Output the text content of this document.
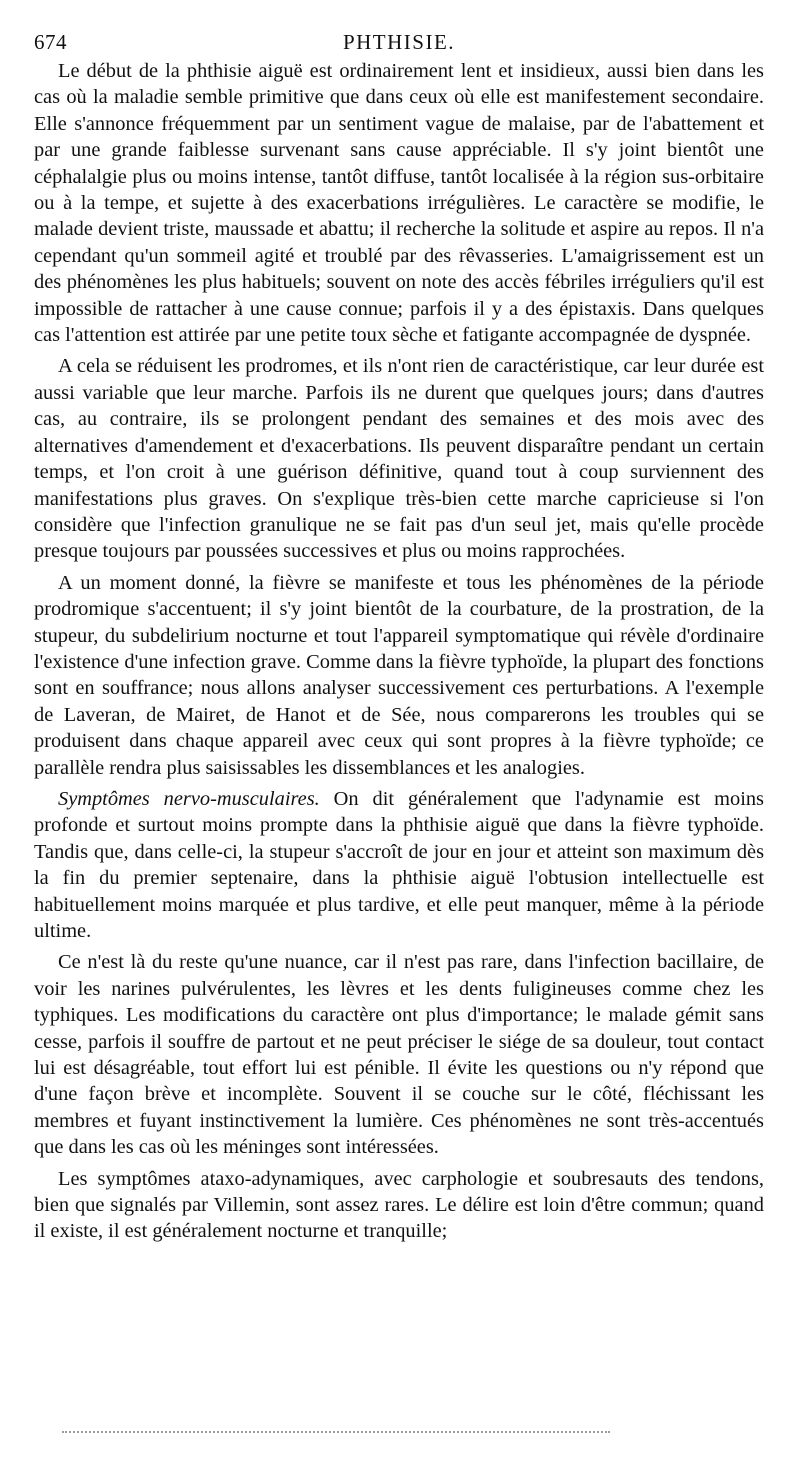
674	PHTHISIE.

Le début de la phthisie aiguë est ordinairement lent et insidieux, aussi bien dans les cas où la maladie semble primitive que dans ceux où elle est manifestement secondaire. Elle s'annonce fréquemment par un sentiment vague de malaise, par de l'abattement et par une grande faiblesse survenant sans cause appréciable. Il s'y joint bientôt une céphalalgie plus ou moins intense, tantôt diffuse, tantôt localisée à la région sus-orbitaire ou à la tempe, et sujette à des exacerbations irrégulières. Le caractère se modifie, le malade devient triste, maussade et abattu; il recherche la solitude et aspire au repos. Il n'a cependant qu'un sommeil agité et troublé par des rêvasseries. L'amaigrissement est un des phénomènes les plus habituels; souvent on note des accès fébriles irréguliers qu'il est impossible de rattacher à une cause connue; parfois il y a des épistaxis. Dans quelques cas l'attention est attirée par une petite toux sèche et fatigante accompagnée de dyspnée.

A cela se réduisent les prodromes, et ils n'ont rien de caractéristique, car leur durée est aussi variable que leur marche. Parfois ils ne durent que quelques jours; dans d'autres cas, au contraire, ils se prolongent pendant des semaines et des mois avec des alternatives d'amendement et d'exacerbations. Ils peuvent disparaître pendant un certain temps, et l'on croit à une guérison définitive, quand tout à coup surviennent des manifestations plus graves. On s'explique très-bien cette marche capricieuse si l'on considère que l'infection granulique ne se fait pas d'un seul jet, mais qu'elle procède presque toujours par poussées successives et plus ou moins rapprochées.

A un moment donné, la fièvre se manifeste et tous les phénomènes de la période prodromique s'accentuent; il s'y joint bientôt de la courbature, de la prostration, de la stupeur, du subdelirium nocturne et tout l'appareil symptomatique qui révèle d'ordinaire l'existence d'une infection grave. Comme dans la fièvre typhoïde, la plupart des fonctions sont en souffrance; nous allons analyser successivement ces perturbations. A l'exemple de Laveran, de Mairet, de Hanot et de Sée, nous comparerons les troubles qui se produisent dans chaque appareil avec ceux qui sont propres à la fièvre typhoïde; ce parallèle rendra plus saisissables les dissemblances et les analogies.

Symptômes nervo-musculaires. On dit généralement que l'adynamie est moins profonde et surtout moins prompte dans la phthisie aiguë que dans la fièvre typhoïde. Tandis que, dans celle-ci, la stupeur s'accroît de jour en jour et atteint son maximum dès la fin du premier septenaire, dans la phthisie aiguë l'obtusion intellectuelle est habituellement moins marquée et plus tardive, et elle peut manquer, même à la période ultime.

Ce n'est là du reste qu'une nuance, car il n'est pas rare, dans l'infection bacillaire, de voir les narines pulvérulentes, les lèvres et les dents fuligineuses comme chez les typhiques. Les modifications du caractère ont plus d'importance; le malade gémit sans cesse, parfois il souffre de partout et ne peut préciser le siége de sa douleur, tout contact lui est désagréable, tout effort lui est pénible. Il évite les questions ou n'y répond que d'une façon brève et incomplète. Souvent il se couche sur le côté, fléchissant les membres et fuyant instinctivement la lumière. Ces phénomènes ne sont très-accentués que dans les cas où les méninges sont intéressées.

Les symptômes ataxo-adynamiques, avec carphologie et soubresauts des tendons, bien que signalés par Villemin, sont assez rares. Le délire est loin d'être commun; quand il existe, il est généralement nocturne et tranquille;
